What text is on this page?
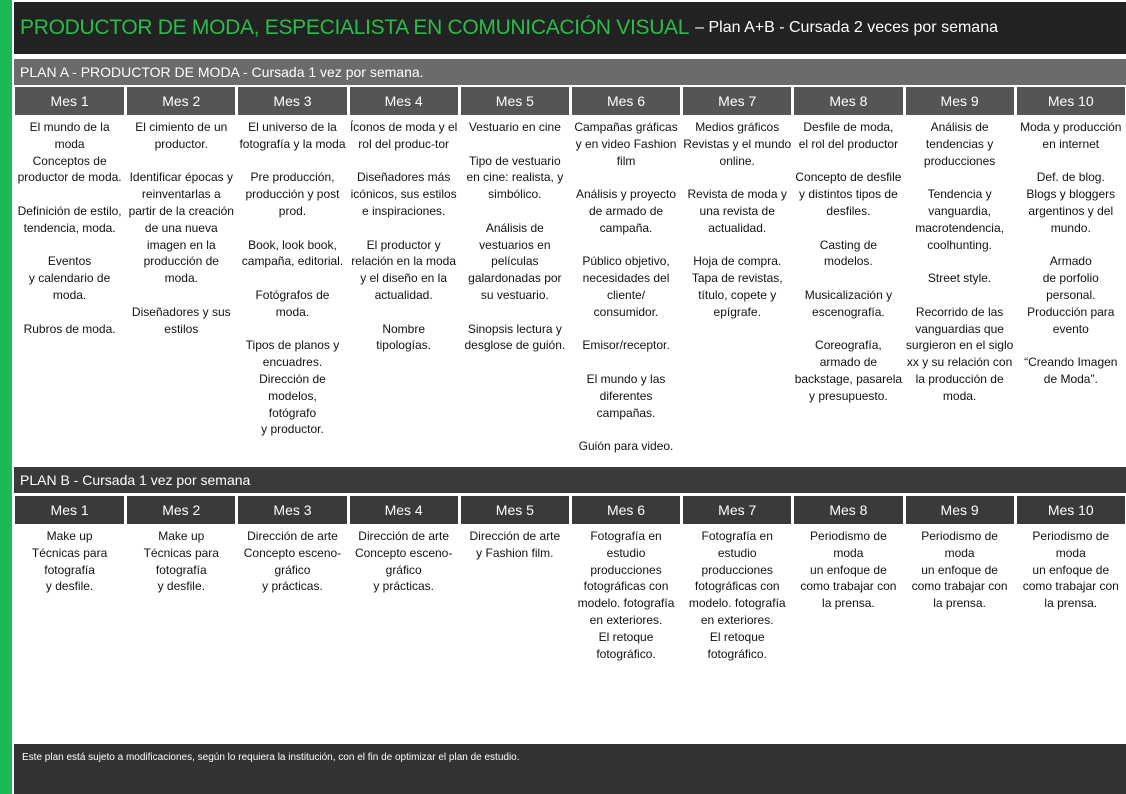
PRODUCTOR DE MODA, ESPECIALISTA EN COMUNICACIÓN VISUAL – Plan A+B - Cursada 2 veces por semana
PLAN A - PRODUCTOR DE MODA - Cursada 1 vez por semana.
Mes 1
El mundo de la moda
Conceptos de productor de moda.

Definición de estilo, tendencia, moda.

Eventos
y calendario de moda.

Rubros de moda.
Mes 2
El cimiento de un productor.

Identificar épocas y reinventarlas a partir de la creación de una nueva imagen en la producción de moda.

Diseñadores y sus estilos
Mes 3
El universo de la fotografía y la moda

Pre producción, producción y post prod.

Book, look book, campaña, editorial.

Fotógrafos de moda.

Tipos de planos y encuadres.
Dirección de modelos,
fotógrafo
y productor.
Mes 4
Íconos de moda y el rol del produc-tor

Diseñadores más icónicos, sus estilos
e inspiraciones.

El productor y relación en la moda y el diseño en la actualidad.

Nombre
tipologías.
Mes 5
Vestuario en cine

Tipo de vestuario en cine: realista, y simbólico.

Análisis de vestuarios en películas galardonadas por su vestuario.

Sinopsis lectura y desglose de guión.
Mes 6
Campañas gráficas y en video Fashion film

Análisis y proyecto de armado de campaña.

Público objetivo, necesidades del cliente/
consumidor.

Emisor/receptor.

El mundo y las diferentes campañas.

Guión para video.
Mes 7
Medios gráficos Revistas y el mundo online.

Revista de moda y una revista de actualidad.

Hoja de compra.
Tapa de revistas, título, copete y epígrafe.
Mes 8
Desfile de moda,
el rol del productor

Concepto de desfile y distintos tipos de desfiles.

Casting de modelos.

Musicalización y escenografía.

Coreografía, armado de backstage, pasarela y presupuesto.
Mes 9
Análisis de tendencias y producciones

Tendencia y vanguardia, macrotendencia, coolhunting.

Street style.

Recorrido de las vanguardias que surgieron en el siglo xx y su relación con la producción de moda.
Mes 10
Moda y producción en internet

Def. de blog.
Blogs y bloggers argentinos y del mundo.

Armado
de porfolio personal.
Producción para evento

“Creando Imagen de Moda”.
PLAN B - Cursada 1 vez por semana
Mes 1
Make up
Técnicas para fotografía
y desfile.
Mes 2
Make up
Técnicas para fotografía
y desfile.
Mes 3
Dirección de arte
Concepto esceno-gráfico
y prácticas.
Mes 4
Dirección de arte
Concepto esceno-gráfico
y prácticas.
Mes 5
Dirección de arte
y Fashion film.
Mes 6
Fotografía en estudio producciones fotográficas con modelo. fotografía en exteriores.
El retoque fotográfico.
Mes 7
Fotografía en estudio producciones fotográficas con modelo. fotografía en exteriores.
El retoque fotográfico.
Mes 8
Periodismo de moda
un enfoque de como trabajar con la prensa.
Mes 9
Periodismo de moda
un enfoque de como trabajar con la prensa.
Mes 10
Periodismo de moda
un enfoque de como trabajar con la prensa.
Este plan está sujeto a modificaciones, según lo requiera la institución, con el fin de optimizar el plan de estudio.
